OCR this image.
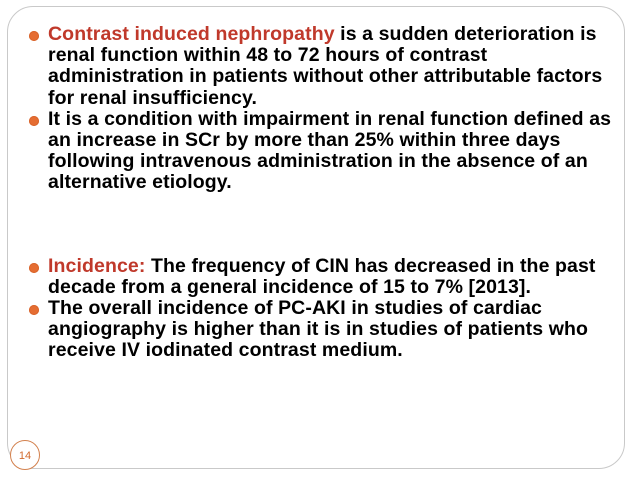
Contrast induced nephropathy is a sudden deterioration is renal function within 48 to 72 hours of contrast administration in patients without other attributable factors for renal insufficiency.
It is a condition with impairment in renal function defined as an increase in SCr by more than 25% within three days following intravenous administration in the absence of an alternative etiology.
Incidence: The frequency of CIN has decreased in the past decade from a general incidence of 15 to 7% [2013].
The overall incidence of PC-AKI in studies of cardiac angiography is higher than it is in studies of patients who receive IV iodinated contrast medium.
14
